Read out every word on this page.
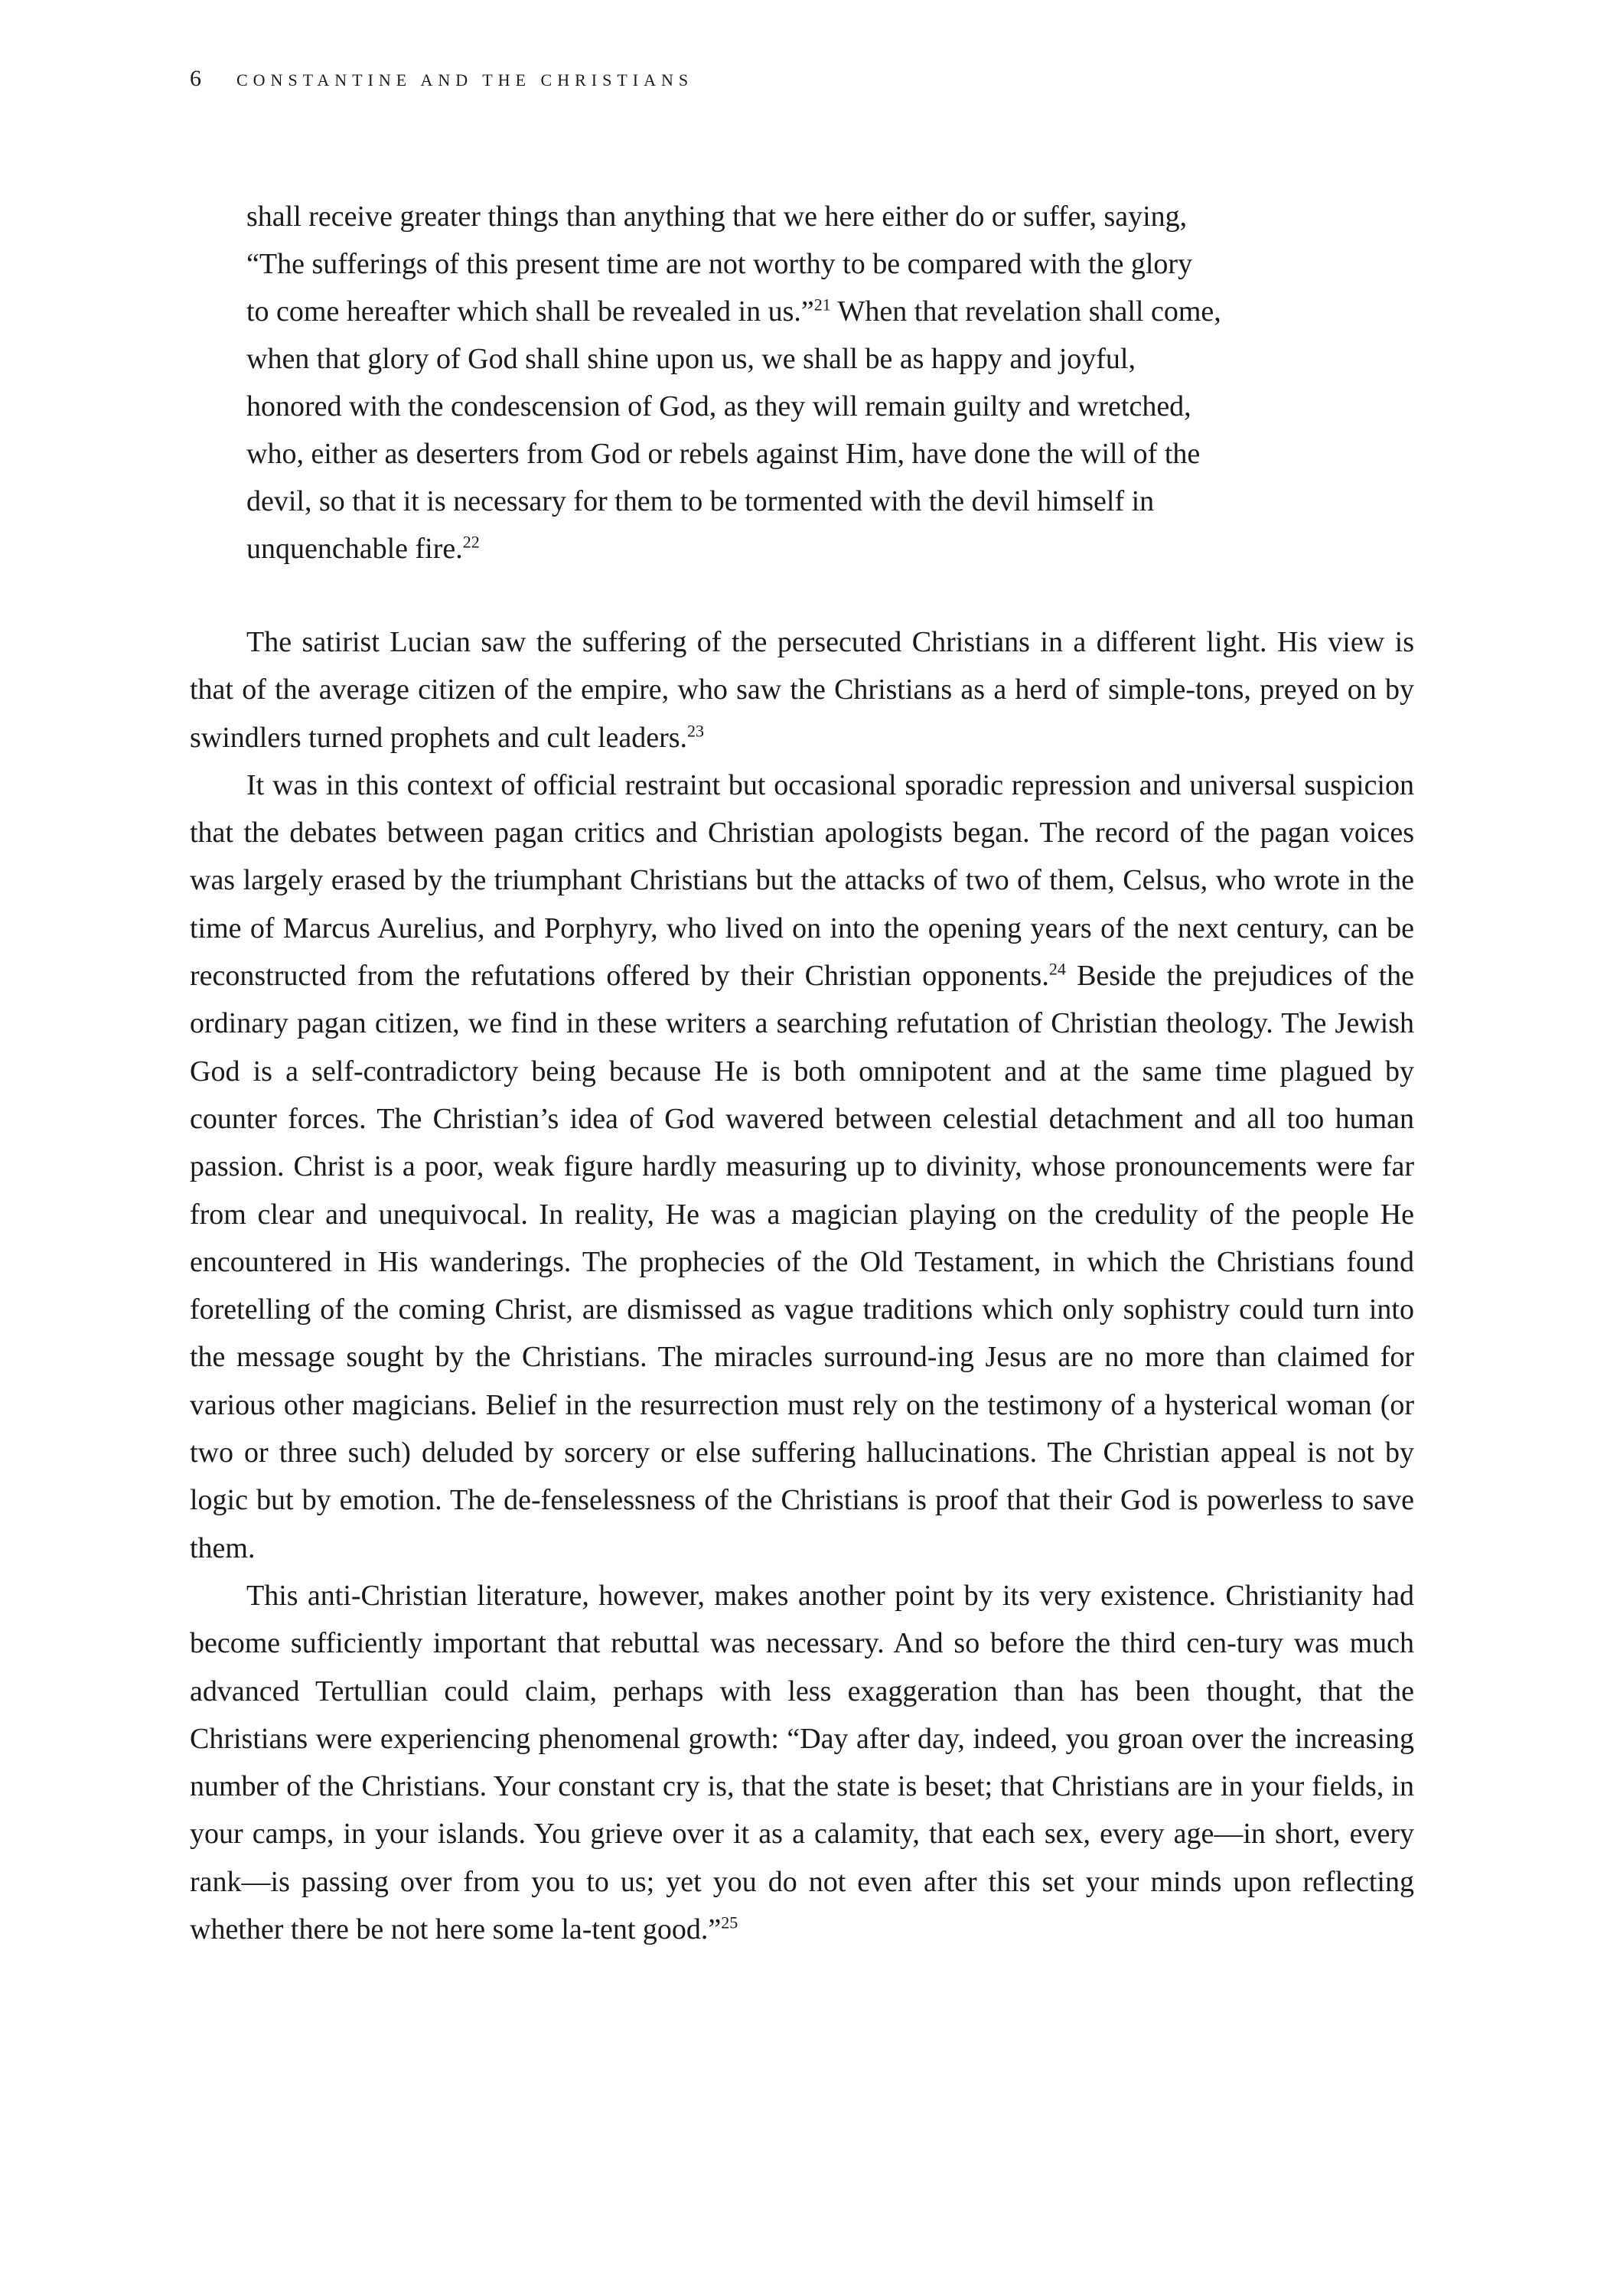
6 CONSTANTINE AND THE CHRISTIANS

shall receive greater things than anything that we here either do or suffer, saying,
“The sufferings of this present time are not worthy to be compared with the glory
to come hereafter which shall be revealed in us.”$^{21}$ When that revelation shall come,
when that glory of God shall shine upon us, we shall be as happy and joyful,
honored with the condescension of God, as they will remain guilty and wretched,
who, either as deserters from God or rebels against Him, have done the will of the
devil, so that it is necessary for them to be tormented with the devil himself in
unquenchable fire.$^{22}$

The satirist Lucian saw the suffering of the persecuted Christians in a different light. His view is that of the average citizen of the empire, who saw the Christians as a herd of simple-tons, preyed on by swindlers turned prophets and cult leaders.$^{23}$

It was in this context of official restraint but occasional sporadic repression and universal suspicion that the debates between pagan critics and Christian apologists began. The record of the pagan voices was largely erased by the triumphant Christians but the attacks of two of them, Celsus, who wrote in the time of Marcus Aurelius, and Porphyry, who lived on into the opening years of the next century, can be reconstructed from the refutations offered by their Christian opponents.$^{24}$ Beside the prejudices of the ordinary pagan citizen, we find in these writers a searching refutation of Christian theology. The Jewish God is a self-contradictory being because He is both omnipotent and at the same time plagued by counter forces. The Christian’s idea of God wavered between celestial detachment and all too human passion. Christ is a poor, weak figure hardly measuring up to divinity, whose pronouncements were far from clear and unequivocal. In reality, He was a magician playing on the credulity of the people He encountered in His wanderings. The prophecies of the Old Testament, in which the Christians found foretelling of the coming Christ, are dismissed as vague traditions which only sophistry could turn into the message sought by the Christians. The miracles surround-ing Jesus are no more than claimed for various other magicians. Belief in the resurrection must rely on the testimony of a hysterical woman (or two or three such) deluded by sorcery or else suffering hallucinations. The Christian appeal is not by logic but by emotion. The de-fenselessness of the Christians is proof that their God is powerless to save them.

This anti-Christian literature, however, makes another point by its very existence. Christianity had become sufficiently important that rebuttal was necessary. And so before the third cen-tury was much advanced Tertullian could claim, perhaps with less exaggeration than has been thought, that the Christians were experiencing phenomenal growth: “Day after day, indeed, you groan over the increasing number of the Christians. Your constant cry is, that the state is beset; that Christians are in your fields, in your camps, in your islands. You grieve over it as a calamity, that each sex, every age—in short, every rank—is passing over from you to us; yet you do not even after this set your minds upon reflecting whether there be not here some la-tent good.”$^{25}$
